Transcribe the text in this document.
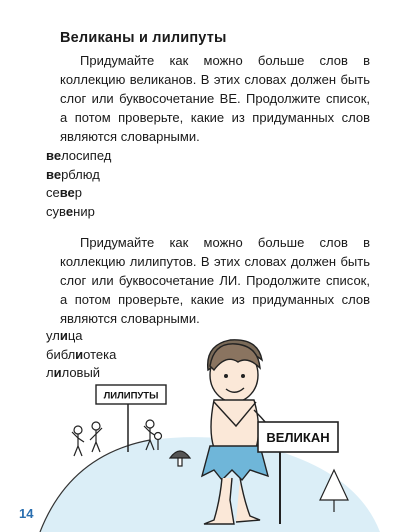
Великаны и лилипуты

Придумайте как можно больше слов в коллекцию великанов. В этих словах должен быть слог или буквосочетание ВЕ. Продолжите список, а потом проверьте, какие из придуманных слов являются словарными.

велосипед
верблюд
север
сувенир

Придумайте как можно больше слов в коллекцию лилипутов. В этих словах должен быть слог или буквосочетание ЛИ. Продолжите список, а потом проверьте, какие из придуманных слов являются словарными.

улица
библиотека
лиловый
ЛИЛИПУТЫ
ВЕЛИКАН
14
